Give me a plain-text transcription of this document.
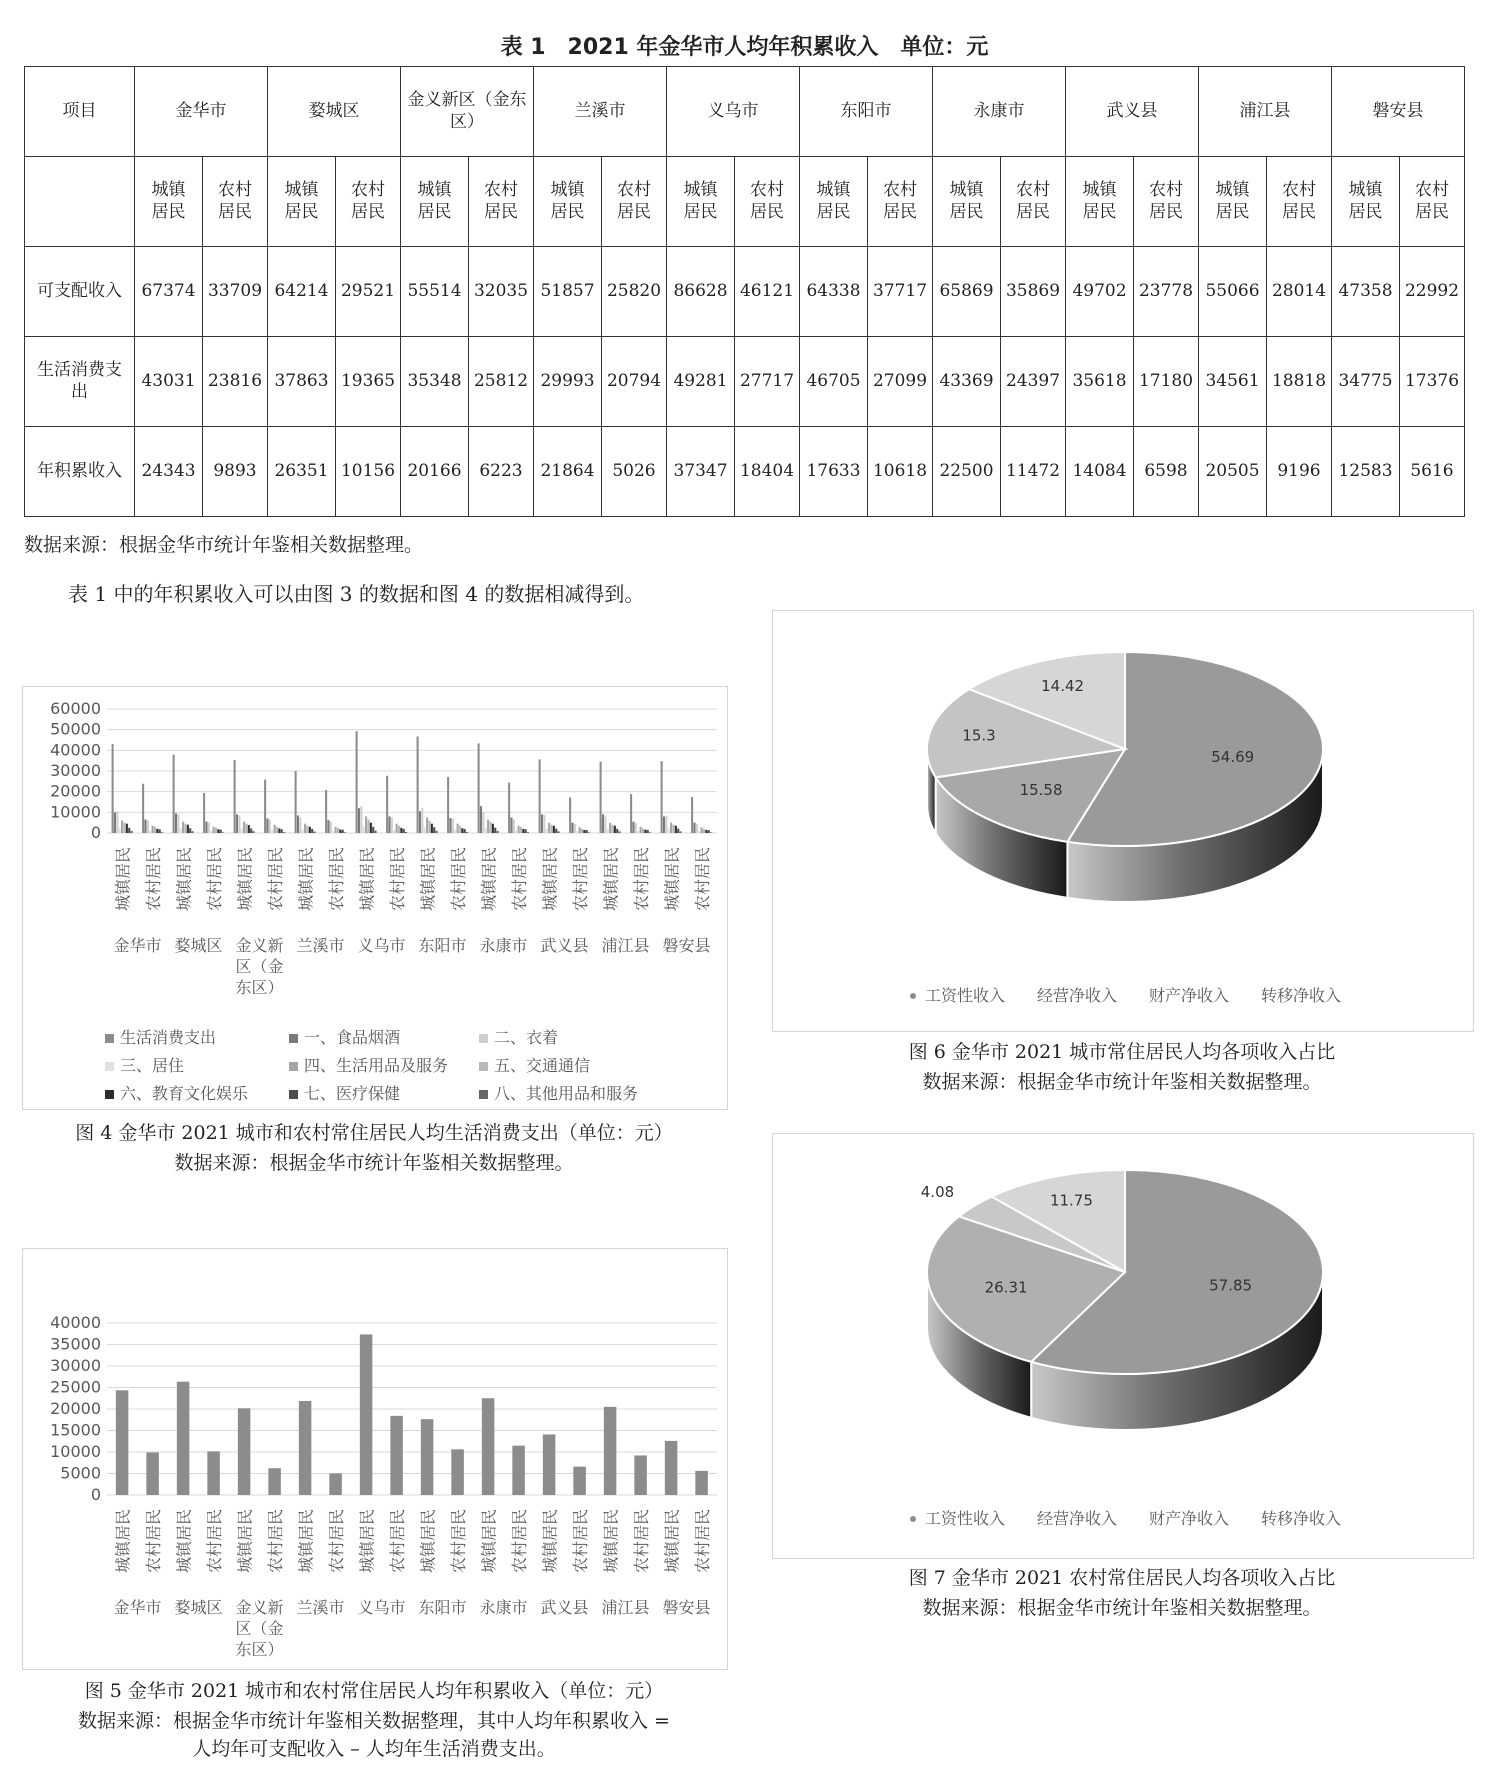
表 1　2021 年金华市人均年积累收入　单位：元
项目	金华市		婺城区		金义新区（金东区）		兰溪市		义乌市		东阳市		永康市		武义县		浦江县		磐安县	
	城镇居民	农村居民	城镇居民	农村居民	城镇居民	农村居民	城镇居民	农村居民	城镇居民	农村居民	城镇居民	农村居民	城镇居民	农村居民	城镇居民	农村居民	城镇居民	农村居民	城镇居民	农村居民
可支配收入	67374	33709	64214	29521	55514	32035	51857	25820	86628	46121	64338	37717	65869	35869	49702	23778	55066	28014	47358	22992
生活消费支出	43031	23816	37863	19365	35348	25812	29993	20794	49281	27717	46705	27099	43369	24397	35618	17180	34561	18818	34775	17376
年积累收入	24343	9893	26351	10156	20166	6223	21864	5026	37347	18404	17633	10618	22500	11472	14084	6598	20505	9196	12583	5616
数据来源：根据金华市统计年鉴相关数据整理。
表 1 中的年积累收入可以由图 3 的数据和图 4 的数据相减得到。
0
10000
20000
30000
40000
50000
60000
城镇居民 农村居民 城镇居民 农村居民 城镇居民 农村居民 城镇居民 农村居民 城镇居民 农村居民 城镇居民 农村居民 城镇居民 农村居民 城镇居民 农村居民 城镇居民 农村居民 城镇居民 农村居民
金华市 婺城区 金义新
区（金
东区）
兰溪市 义乌市 东阳市 永康市 武义县 浦江县 磐安县
生活消费支出	一、食品烟酒	二、衣着
三、居住	四、生活用品及服务	五、交通通信
六、教育文化娱乐	七、医疗保健	八、其他用品和服务
图 4 金华市 2021 城市和农村常住居民人均生活消费支出（单位：元）
数据来源：根据金华市统计年鉴相关数据整理。
0
5000
10000
15000
20000
25000
30000
35000
40000
城镇居民 农村居民 城镇居民 农村居民 城镇居民 农村居民 城镇居民 农村居民 城镇居民 农村居民 城镇居民 农村居民 城镇居民 农村居民 城镇居民 农村居民 城镇居民 农村居民 城镇居民 农村居民
金华市 婺城区 金义新
区（金
东区）
兰溪市 义乌市 东阳市 永康市 武义县 浦江县 磐安县
图 5 金华市 2021 城市和农村常住居民人均年积累收入（单位：元）
数据来源：根据金华市统计年鉴相关数据整理，其中人均年积累收入 =
人均年可支配收入 – 人均年生活消费支出。
54.69
15.58
15.3
14.42
工资性收入 经营净收入 财产净收入 转移净收入
图 6 金华市 2021 城市常住居民人均各项收入占比
数据来源：根据金华市统计年鉴相关数据整理。
57.85
26.31
4.08	11.75
工资性收入 经营净收入 财产净收入 转移净收入
图 7 金华市 2021 农村常住居民人均各项收入占比
数据来源：根据金华市统计年鉴相关数据整理。
